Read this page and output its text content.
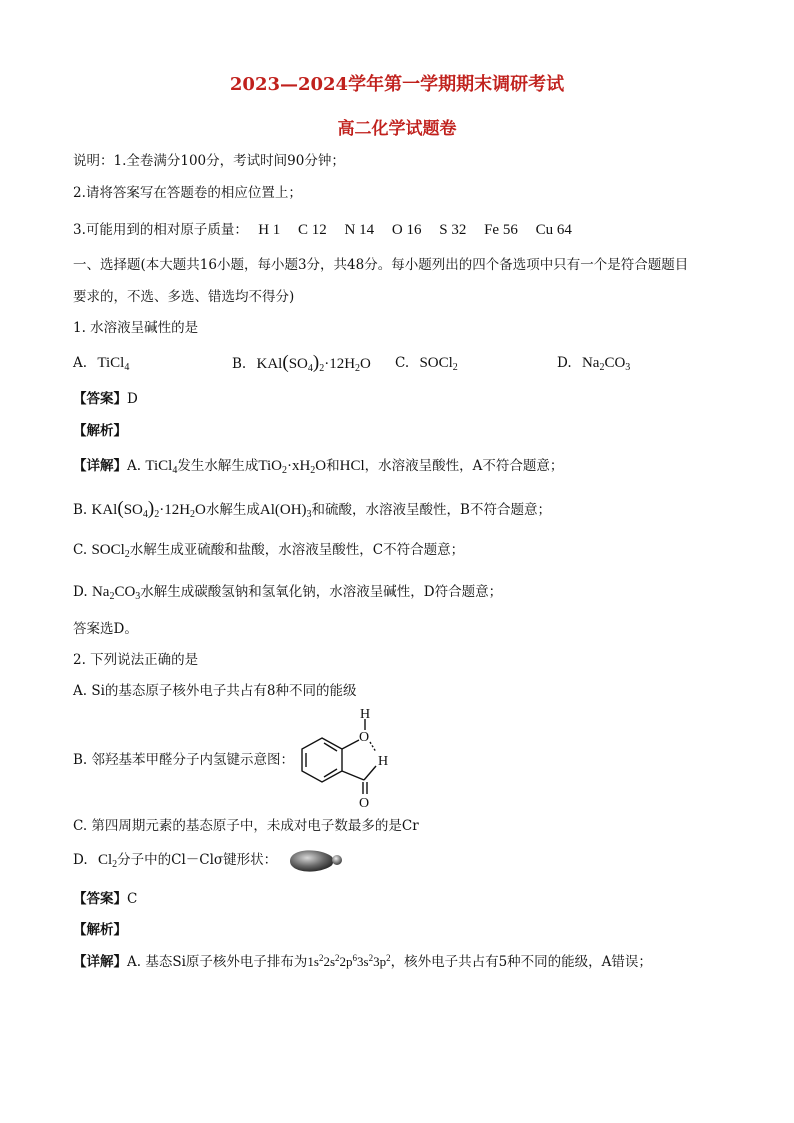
2023—2024学年第一学期期末调研考试
高二化学试题卷
说明：1.全卷满分100分，考试时间90分钟；
2.请将答案写在答题卷的相应位置上；
3.可能用到的相对原子质量： H 1 C 12 N 14 O 16 S 32 Fe 56 Cu 64
一、选择题(本大题共16小题，每小题3分，共48分。每小题列出的四个备选项中只有一个是符合题题目
要求的，不选、多选、错选均不得分)
1. 水溶液呈碱性的是
A. TiCl$_4$	B. $KAl(SO_4)_2\cdot 12H_2O$ C. SOCl$_2$	D. $Na_2CO_3$
【答案】D
【解析】
【详解】A. TiCl$_4$发生水解生成$TiO_2\cdot xH_2O$和HCl，水溶液呈酸性，A不符合题意；
B. $KAl(SO_4)_2\cdot 12H_2O$水解生成$Al(OH)_3$和硫酸，水溶液呈酸性，B不符合题意；
C. SOCl$_2$水解生成亚硫酸和盐酸，水溶液呈酸性，C不符合题意；
D. $Na_2CO_3$水解生成碳酸氢钠和氢氧化钠，水溶液呈碱性，D符合题意；
答案选D。
2. 下列说法正确的是
A. Si的基态原子核外电子共占有8种不同的能级
B. 邻羟基苯甲醛分子内氢键示意图：
H
O
H
O
C. 第四周期元素的基态原子中，未成对电子数最多的是Cr
D. $Cl_2$分子中的Cl－Clσ键形状：
【答案】C
【解析】
【详解】A. 基态Si原子核外电子排布为$1s^22s^22p^63s^23p^2$，核外电子共占有5种不同的能级，A错误；
